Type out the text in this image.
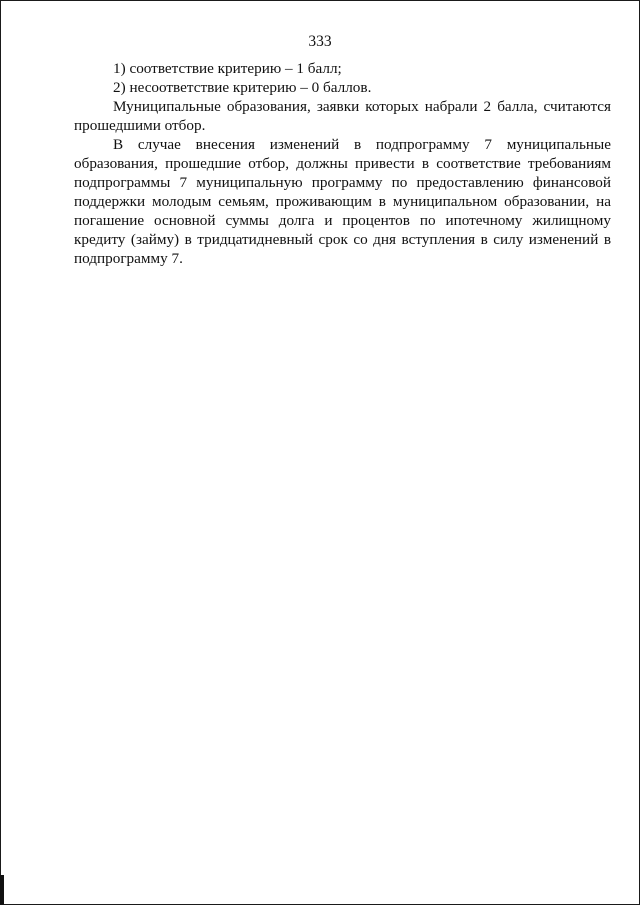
333

1) соответствие критерию – 1 балл;

2) несоответствие критерию – 0 баллов.

Муниципальные образования, заявки которых набрали 2 балла, считаются прошедшими отбор.

В случае внесения изменений в подпрограмму 7 муниципальные образования, прошедшие отбор, должны привести в соответствие требованиям подпрограммы 7 муниципальную программу по предоставлению финансовой поддержки молодым семьям, проживающим в муниципальном образовании, на погашение основной суммы долга и процентов по ипотечному жилищному кредиту (займу) в тридцатидневный срок со дня вступления в силу изменений в подпрограмму 7.
